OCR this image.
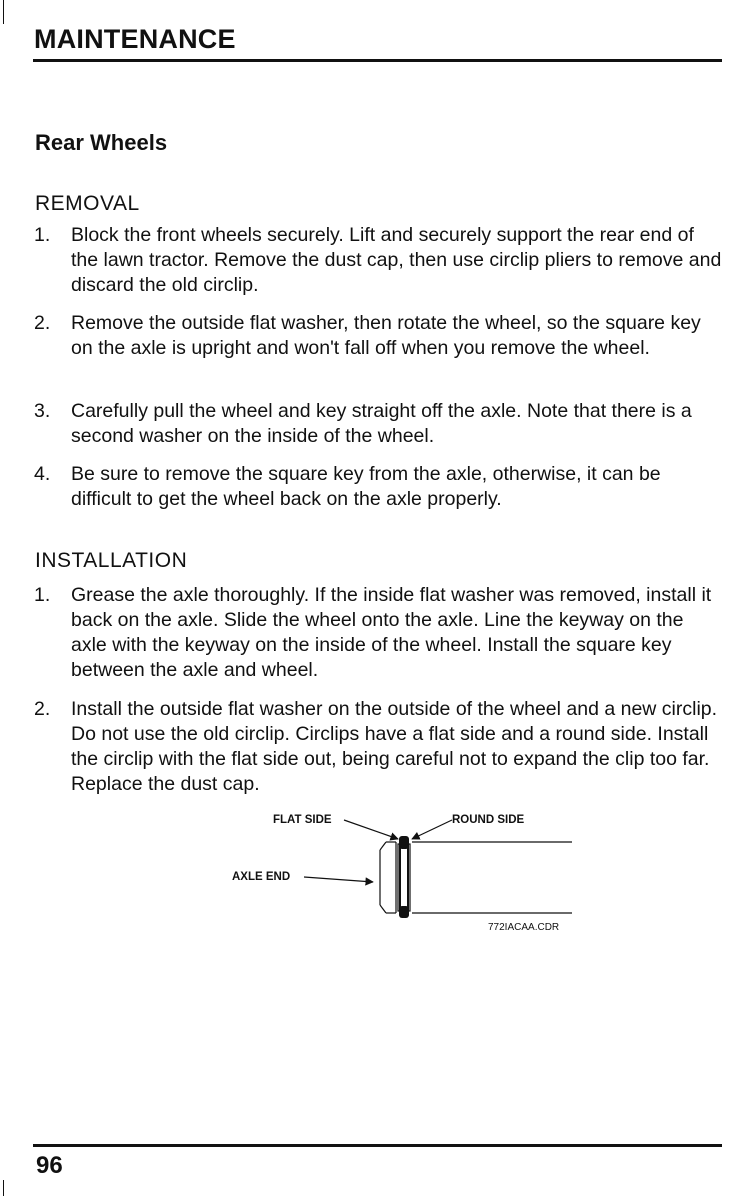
MAINTENANCE
Rear Wheels
REMOVAL

1. Block the front wheels securely. Lift and securely support the rear end of the lawn tractor. Remove the dust cap, then use circlip pliers to remove and discard the old circlip.

2. Remove the outside flat washer, then rotate the wheel, so the square key on the axle is upright and won't fall off when you remove the wheel.

3. Carefully pull the wheel and key straight off the axle. Note that there is a second washer on the inside of the wheel.

4. Be sure to remove the square key from the axle, otherwise, it can be difficult to get the wheel back on the axle properly.

INSTALLATION

1. Grease the axle thoroughly. If the inside flat washer was removed, install it back on the axle. Slide the wheel onto the axle. Line the keyway on the axle with the keyway on the inside of the wheel. Install the square key between the axle and wheel.

2. Install the outside flat washer on the outside of the wheel and a new circlip. Do not use the old circlip. Circlips have a flat side and a round side. Install the circlip with the flat side out, being careful not to expand the clip too far. Replace the dust cap.

FLAT SIDE	ROUND SIDE
AXLE END
772IACAA.CDR
96
